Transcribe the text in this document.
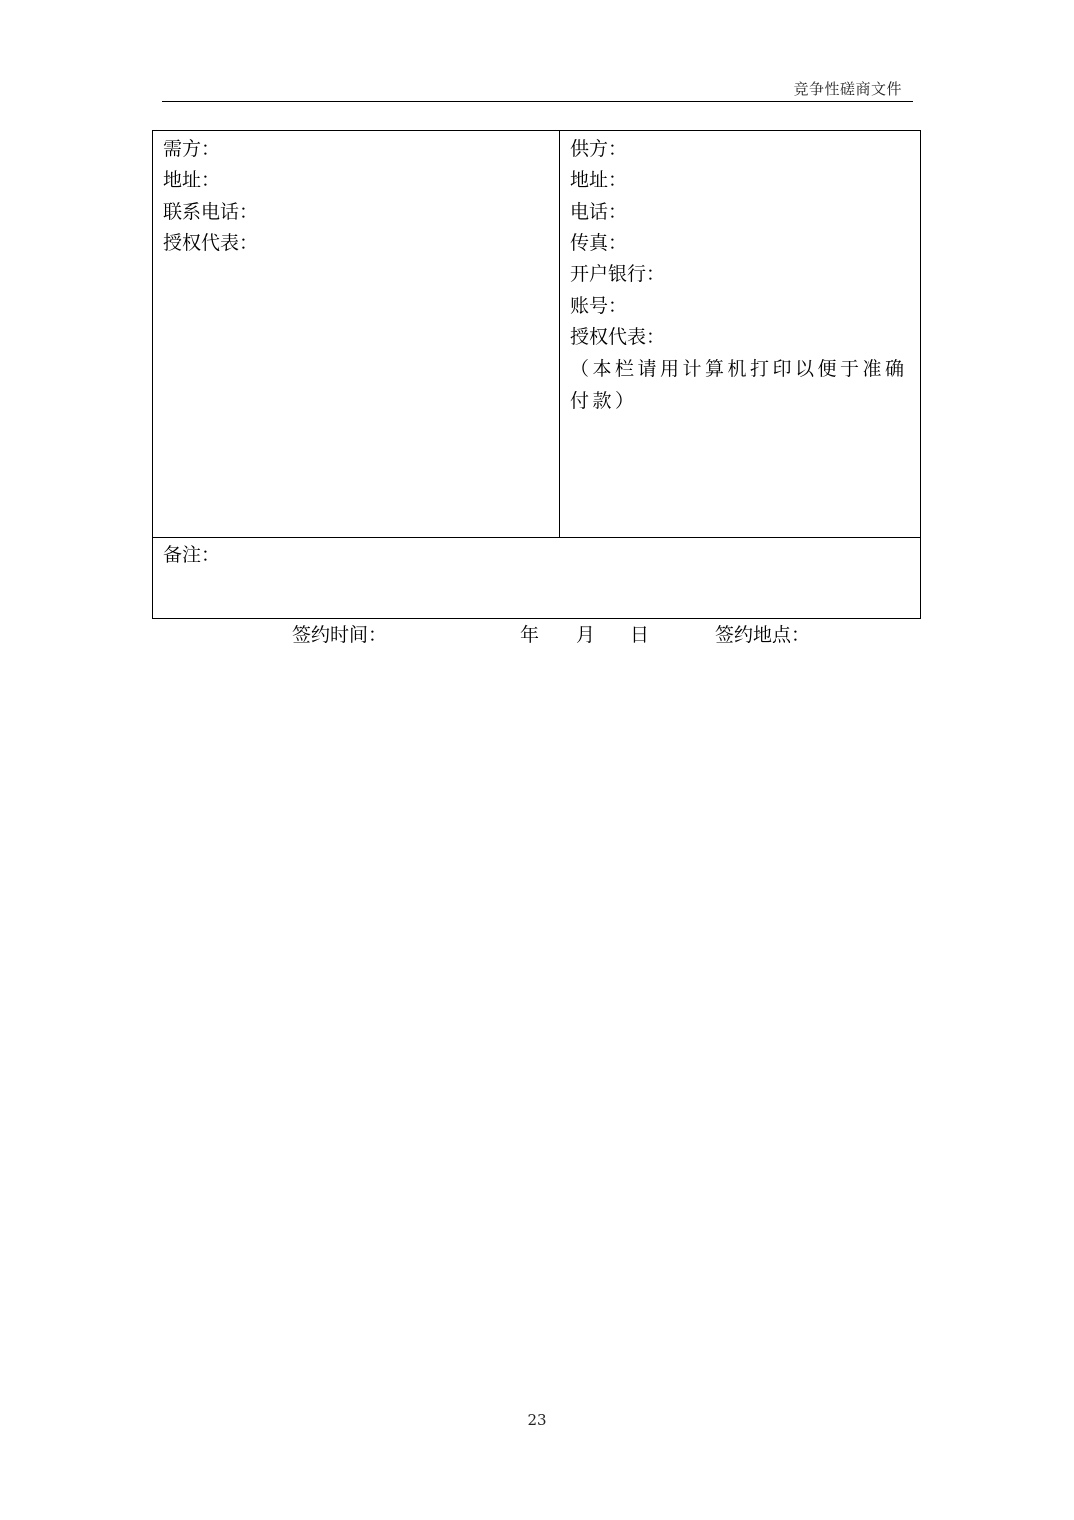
竞争性磋商文件
需方：
地址：
联系电话：
授权代表：
供方：
地址：
电话：
传真：
开户银行：
账号：
授权代表：
（本栏请用计算机打印以便于准确付款）
备注：
签约时间：	年 月 日	签约地点：
23
